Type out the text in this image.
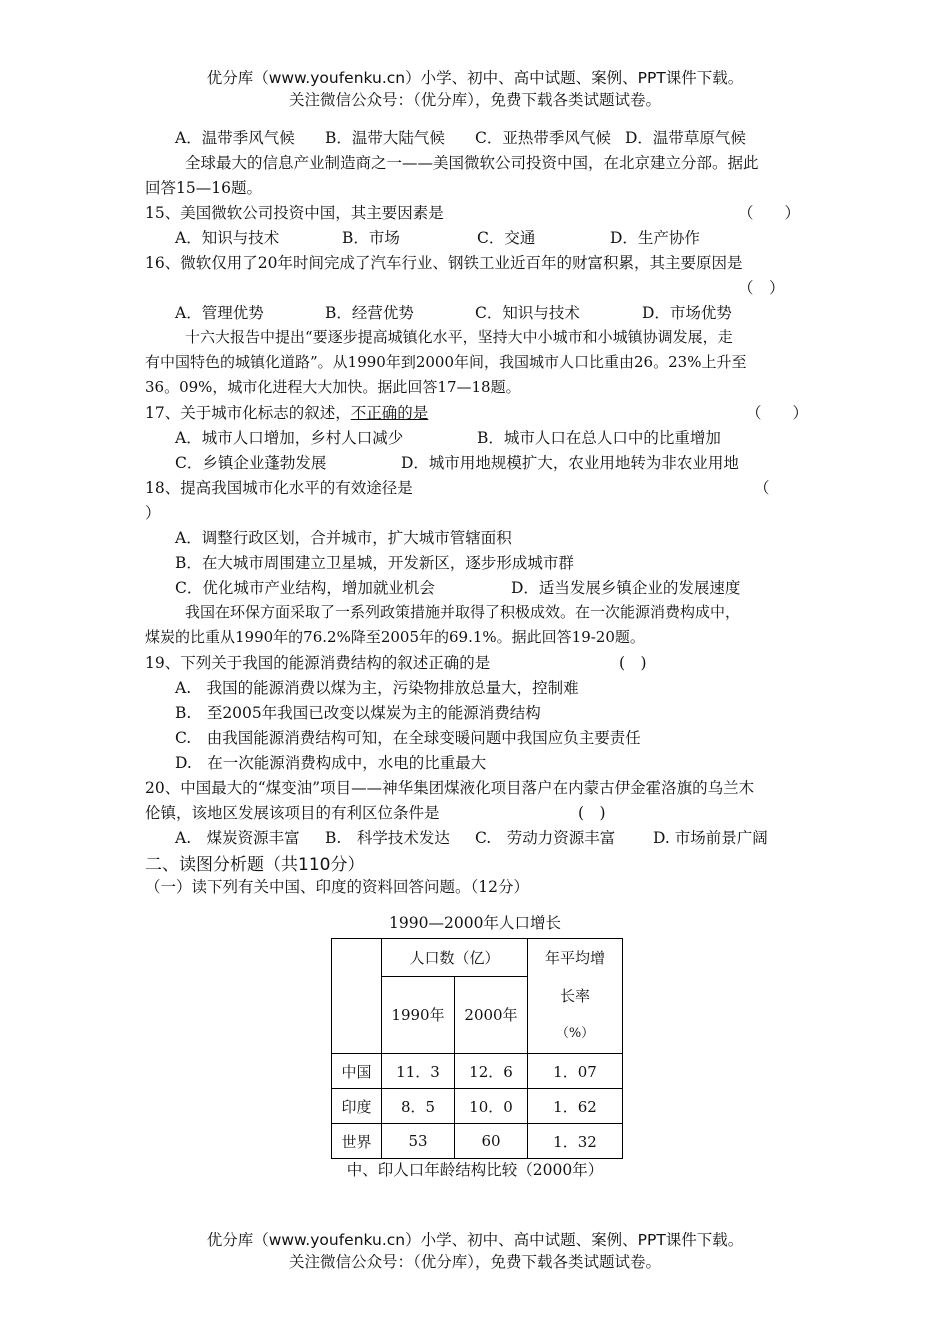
优分库（www.youfenku.cn）小学、初中、高中试题、案例、PPT课件下载。
关注微信公众号：（优分库），免费下载各类试题试卷。
A．温带季风气候 B．温带大陆气候 C．亚热带季风气候 D．温带草原气候
全球最大的信息产业制造商之一——美国微软公司投资中国，在北京建立分部。据此
回答15—16题。
15、美国微软公司投资中国，其主要因素是	（　　）
A．知识与技术	B．市场	C．交通	D．生产协作
16、微软仅用了20年时间完成了汽车行业、钢铁工业近百年的财富积累，其主要原因是
（　）
A．管理优势	B．经营优势	C．知识与技术	D．市场优势
十六大报告中提出“要逐步提高城镇化水平，坚持大中小城市和小城镇协调发展，走
有中国特色的城镇化道路”。从1990年到2000年间，我国城市人口比重由26。23%上升至
36。09%，城市化进程大大加快。据此回答17—18题。
17、关于城市化标志的叙述，不正确的是	（　　）
A．城市人口增加，乡村人口减少	B．城市人口在总人口中的比重增加
C．乡镇企业蓬勃发展	D．城市用地规模扩大，农业用地转为非农业用地
18、提高我国城市化水平的有效途径是	（
）
A．调整行政区划，合并城市，扩大城市管辖面积
B．在大城市周围建立卫星城，开发新区，逐步形成城市群
C．优化城市产业结构，增加就业机会	D．适当发展乡镇企业的发展速度
我国在环保方面采取了一系列政策措施并取得了积极成效。在一次能源消费构成中，
煤炭的比重从1990年的76.2%降至2005年的69.1%。据此回答19-20题。
19、下列关于我国的能源消费结构的叙述正确的是	(　)
A.　我国的能源消费以煤为主，污染物排放总量大，控制难
B.　至2005年我国已改变以煤炭为主的能源消费结构
C.　由我国能源消费结构可知，在全球变暖问题中我国应负主要责任
D.　在一次能源消费构成中，水电的比重最大
20、中国最大的“煤变油”项目——神华集团煤液化项目落户在内蒙古伊金霍洛旗的乌兰木
伦镇，该地区发展该项目的有利区位条件是	(　)
A.　煤炭资源丰富 B.　科学技术发达 C.　劳动力资源丰富 D. 市场前景广阔
二、读图分析题（共110分）
（一）读下列有关中国、印度的资料回答问题。（12分）
1990—2000年人口增长
	人口数（亿）		年平均增
长率
（%）

	1990年	2000年	
中国	11．3	12．6	1．07
印度	8．5	10．0	1．62
世界	53	60	1．32
中、印人口年龄结构比较（2000年）
优分库（www.youfenku.cn）小学、初中、高中试题、案例、PPT课件下载。
关注微信公众号：（优分库），免费下载各类试题试卷。
